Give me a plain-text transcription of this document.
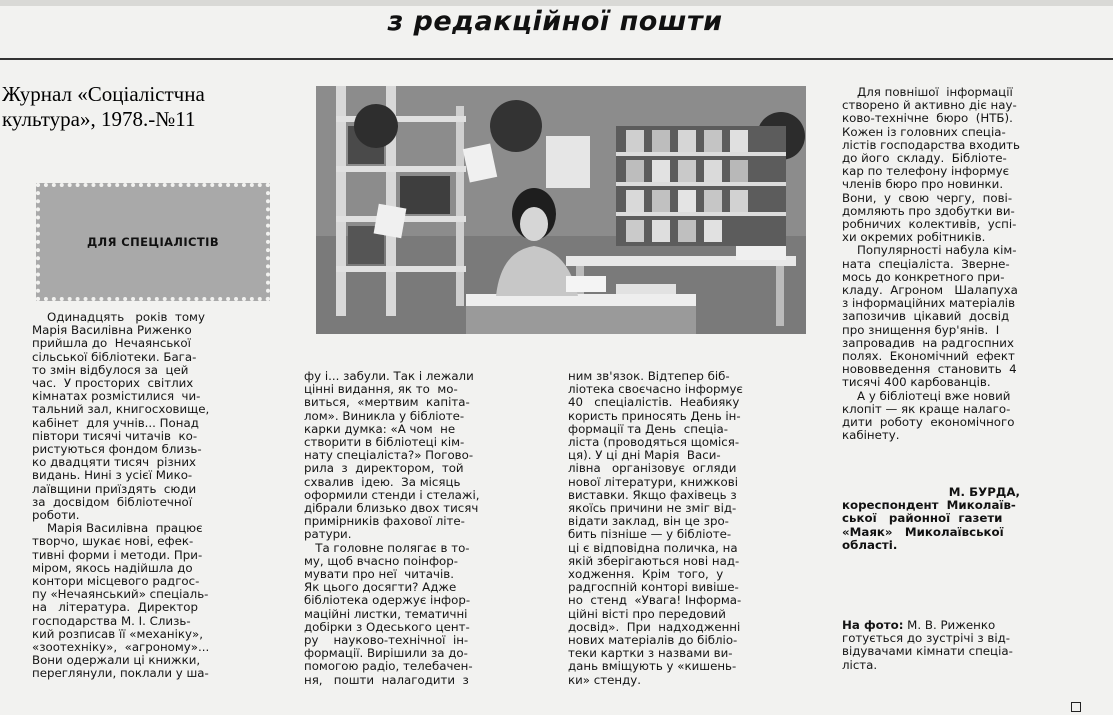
з редакційної пошти
Журнал «Соціалістчна
культура», 1978.-№11
ДЛЯ СПЕЦІАЛІСТІВ
Одинадцять   років  тому
Марія Василівна Риженко
прийшла до  Нечаянської
сільської бібліотеки. Бага-
то змін відбулося за  цей
час.  У просторих  світлих
кімнатах розмістилися  чи-
тальний зал, книгосховище,
кабінет  для учнів... Понад
півтори тисячі читачів  ко-
ристуються фондом близь-
ко двадцяти тисяч  різних
видань. Нині з усієї Мико-
лаївщини приїздять  сюди
за  досвідом  бібліотечної
роботи.
Марія Василівна  працює
творчо, шукає нові, ефек-
тивні форми і методи. При-
міром, якось надійшла до
контори місцевого радгос-
пу «Нечаянський» спеціаль-
на   література.  Директор
господарства М. І. Слизь-
кий розписав її «механіку»,
«зоотехніку»,  «агроному»...
Вони одержали ці книжки,
переглянули, поклали у ша-
фу і... забули. Так і лежали
цінні видання, як то  мо-
виться,  «мертвим  капіта-
лом». Виникла у бібліоте-
карки думка: «А чом  не
створити в бібліотеці кім-
нату спеціаліста?» Погово-
рила  з  директором,  той
схвалив  ідею.  За місяць
оформили стенди і стелажі,
дібрали близько двох тисяч
примірників фахової літе-
ратури.
Та головне полягає в то-
му, щоб вчасно поінфор-
мувати про неї  читачів.
Як цього досягти? Адже
бібліотека одержує інфор-
маційні листки, тематичні
добірки з Одеського цент-
ру    науково-технічної  ін-
формації. Вирішили за до-
помогою радіо, телебачен-
ня,   пошти  налагодити  з
ним зв'язок. Відтепер біб-
ліотека своєчасно інформує
40   спеціалістів.  Неабияку
користь приносять День ін-
формації та День  спеціа-
ліста (проводяться щомiся-
ця). У ці дні Марія  Васи-
лівна   організовує  огляди
нової літератури, книжкові
виставки. Якщо фахівець з
якоїсь причини не зміг від-
відати заклад, він це зро-
бить пізніше — у бібліоте-
ці є відповідна поличка, на
якій зберігаються нові над-
ходження.  Крім  того,  у
радгоспній конторі вивішe-
но  стенд  «Увага! Інформа-
ційні вісті про передовий
досвід».  При  надходженні
нових матеріалів до бібліо-
теки картки з назвами ви-
дань вміщують у «кишень-
ки» стенду.
Для повнішої  інформації
створено й активно діє нау-
ково-технічне  бюро  (НТБ).
Кожен із головних спеціа-
лістів господарства входить
до його  складу.  Бібліоте-
кар по телефону інформує
членів бюро про новинки.
Вони,  у  свою  чергу,  пові-
домляють про здобутки ви-
робничих  колективів,  успі-
хи окремих робітників.
Популярності набула кім-
ната  спеціаліста.  Зверне-
мось до конкретного при-
кладу.  Агроном   Шалапуха
з інформаційних матеріалів
запозичив  цікавий  досвід
про знищення бур'янів.  І
запровадив  на радгоспних
полях.  Економічний  ефект
нововведення  становить  4
тисячі 400 карбованців.
А у бібліотеці вже новий
клопіт — як краще налаго-
дити  роботу  економічного
кабінету.
М. БУРДА,
кореспондент  Миколаїв-
ської   районної  газети
«Маяк»   Миколаївської
області.
На фото: М. В. Риженко
готується до зустрічі з від-
відувачами кімнати спеціа-
ліста.
